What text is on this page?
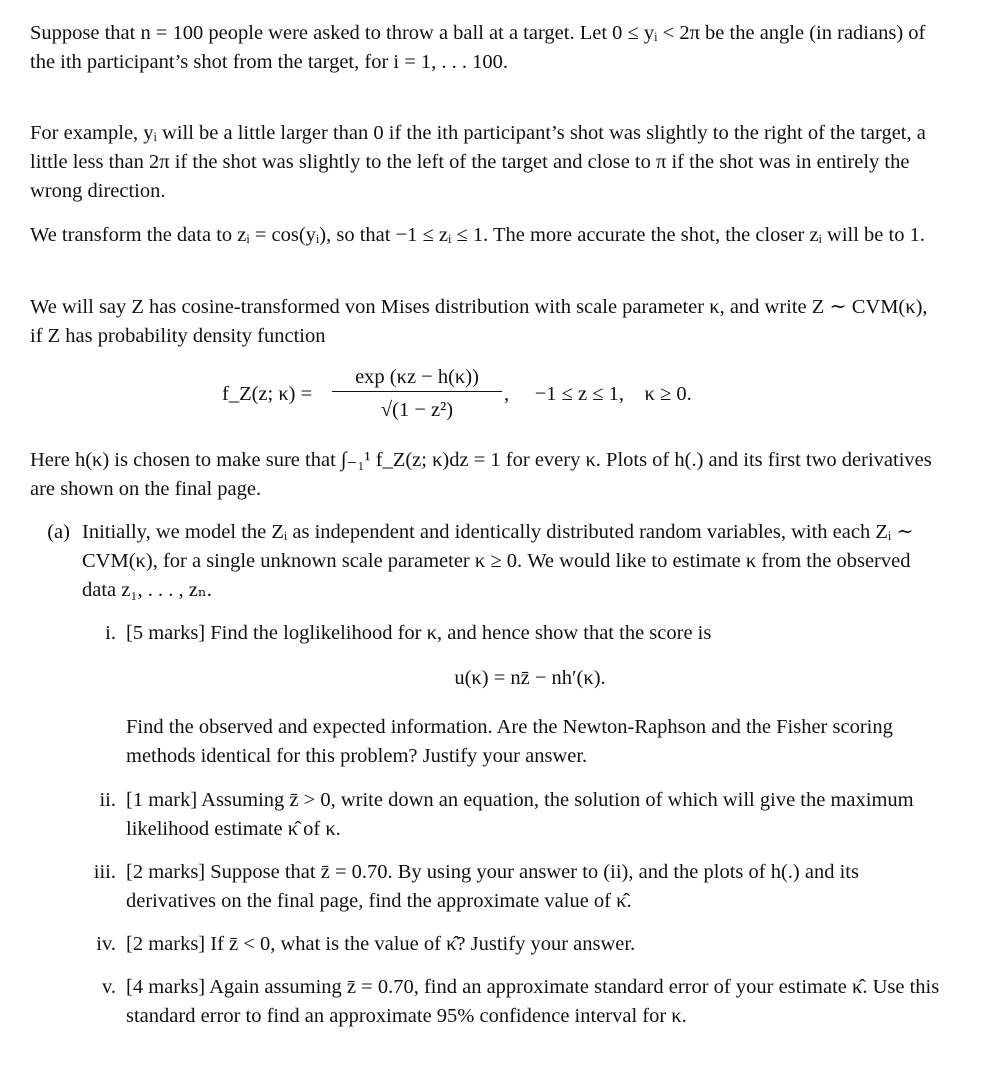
Suppose that n = 100 people were asked to throw a ball at a target. Let 0 ≤ yᵢ < 2π be the angle (in radians) of the ith participant’s shot from the target, for i = 1, . . . 100.

For example, yᵢ will be a little larger than 0 if the ith participant’s shot was slightly to the right of the target, a little less than 2π if the shot was slightly to the left of the target and close to π if the shot was in entirely the wrong direction.

We transform the data to zᵢ = cos(yᵢ), so that −1 ≤ zᵢ ≤ 1. The more accurate the shot, the closer zᵢ will be to 1.

We will say Z has cosine-transformed von Mises distribution with scale parameter κ, and write Z ∼ CVM(κ), if Z has probability density function

f_Z(z; κ) =
exp (κz − h(κ))
√(1 − z²)
,     −1 ≤ z ≤ 1,    κ ≥ 0.

Here h(κ) is chosen to make sure that ∫₋₁¹ f_Z(z; κ)dz = 1 for every κ. Plots of h(.) and its first two derivatives are shown on the final page.

(a) Initially, we model the Zᵢ as independent and identically distributed random variables, with each Zᵢ ∼ CVM(κ), for a single unknown scale parameter κ ≥ 0. We would like to estimate κ from the observed data z₁, . . . , zₙ.
i. [5 marks] Find the loglikelihood for κ, and hence show that the score is
u(κ) = nz̄ − nh′(κ).
Find the observed and expected information. Are the Newton-Raphson and the Fisher scoring methods identical for this problem? Justify your answer.
ii. [1 mark] Assuming z̄ > 0, write down an equation, the solution of which will give the maximum likelihood estimate κ̂ of κ.
iii. [2 marks] Suppose that z̄ = 0.70. By using your answer to (ii), and the plots of h(.) and its derivatives on the final page, find the approximate value of κ̂.
iv. [2 marks] If z̄ < 0, what is the value of κ̂? Justify your answer.
v. [4 marks] Again assuming z̄ = 0.70, find an approximate standard error of your estimate κ̂. Use this standard error to find an approximate 95% confidence interval for κ.
